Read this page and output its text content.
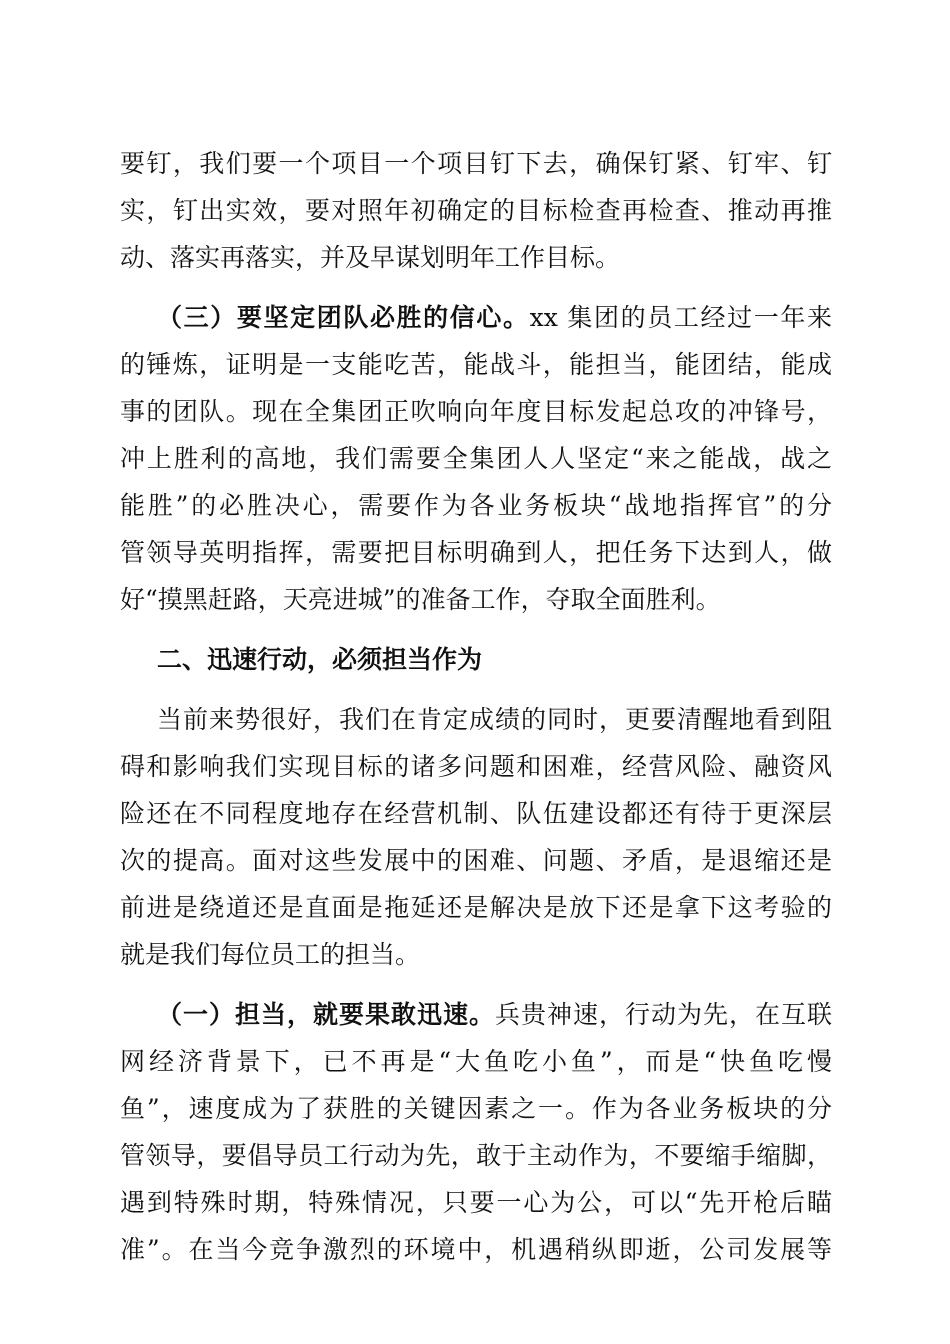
要钉，我们要一个项目一个项目钉下去，确保钉紧、钉牢、钉
实，钉出实效，要对照年初确定的目标检查再检查、推动再推
动、落实再落实，并及早谋划明年工作目标。
（三）要坚定团队必胜的信心。xx 集团的员工经过一年来
的锤炼，证明是一支能吃苦，能战斗，能担当，能团结，能成
事的团队。现在全集团正吹响向年度目标发起总攻的冲锋号，
冲上胜利的高地，我们需要全集团人人坚定“来之能战，战之
能胜”的必胜决心，需要作为各业务板块“战地指挥官”的分
管领导英明指挥，需要把目标明确到人，把任务下达到人，做
好“摸黑赶路，天亮进城”的准备工作，夺取全面胜利。
二、迅速行动，必须担当作为
当前来势很好，我们在肯定成绩的同时，更要清醒地看到阻
碍和影响我们实现目标的诸多问题和困难，经营风险、融资风
险还在不同程度地存在经营机制、队伍建设都还有待于更深层
次的提高。面对这些发展中的困难、问题、矛盾，是退缩还是
前进是绕道还是直面是拖延还是解决是放下还是拿下这考验的
就是我们每位员工的担当。
（一）担当，就要果敢迅速。兵贵神速，行动为先，在互联
网经济背景下，已不再是“大鱼吃小鱼”，而是“快鱼吃慢
鱼”，速度成为了获胜的关键因素之一。作为各业务板块的分
管领导，要倡导员工行动为先，敢于主动作为，不要缩手缩脚，
遇到特殊时期，特殊情况，只要一心为公，可以“先开枪后瞄
准”。在当今竞争激烈的环境中，机遇稍纵即逝，公司发展等
